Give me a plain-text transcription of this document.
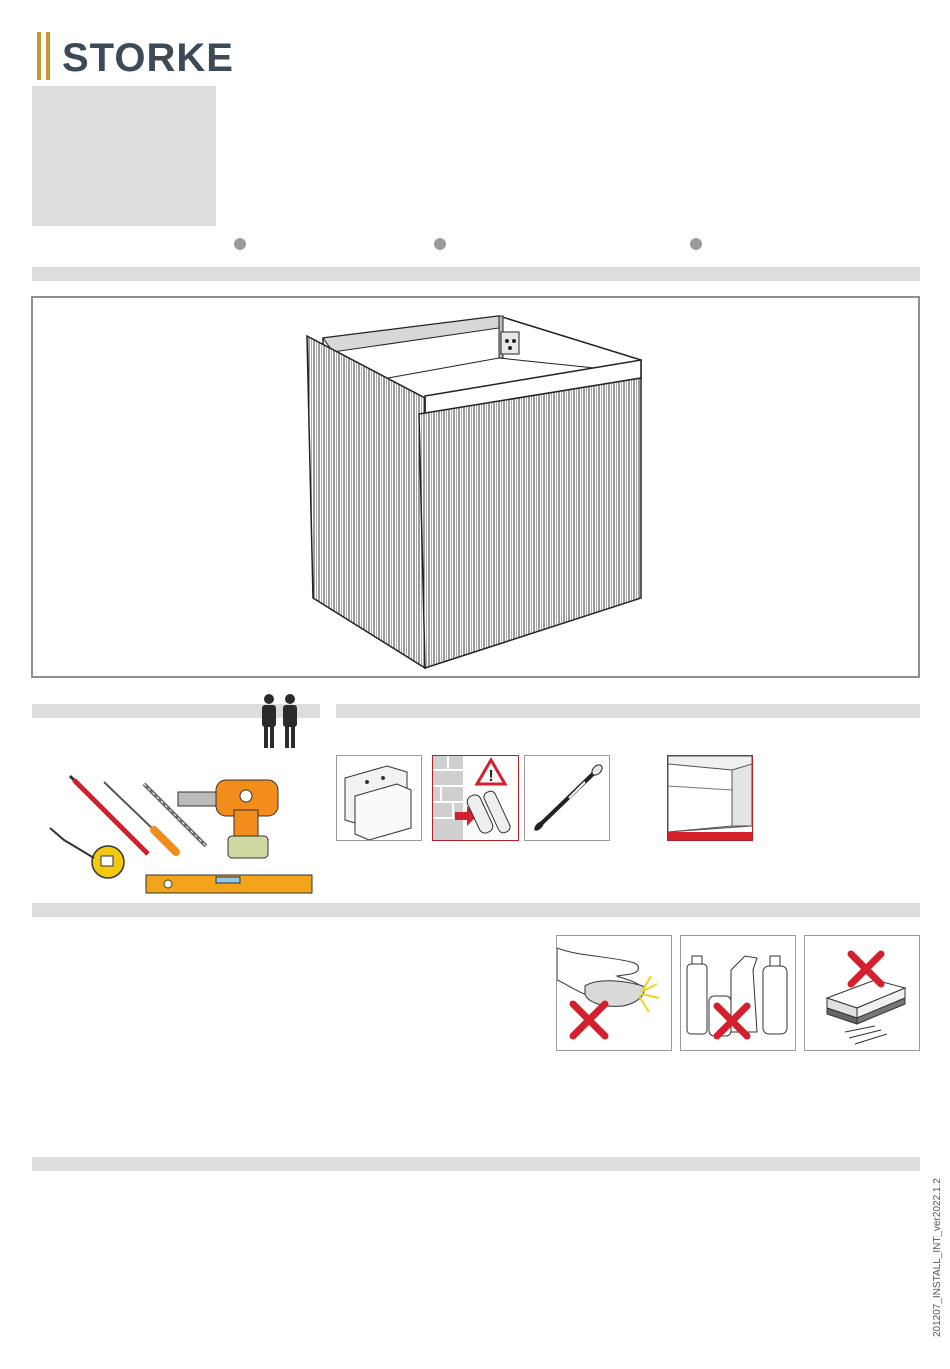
STORKE
!
201207_INSTALL_INT_ver2022.1.2
